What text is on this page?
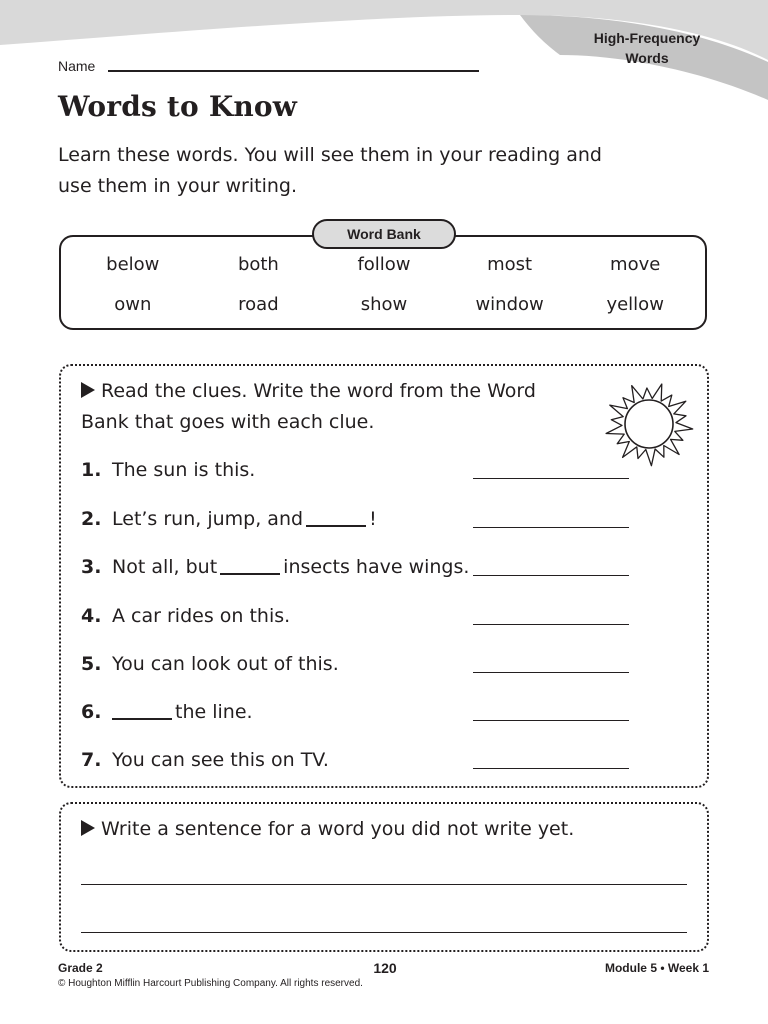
High-Frequency
Words
Name
Words to Know

Learn these words. You will see them in your reading and use them in your writing.

Word Bank
below	both	follow	most	move
own	road	show	window	yellow

Read the clues. Write the word from the Word Bank that goes with each clue.

1. The sun is this.
2. Let’s run, jump, and	!
3. Not all, but	insects have wings.
4. A car rides on this.
5. You can look out of this.
6.	the line.
7. You can see this on TV.

Write a sentence for a word you did not write yet.

Grade 2	120	Module 5 • Week 1
© Houghton Mifflin Harcourt Publishing Company. All rights reserved.
